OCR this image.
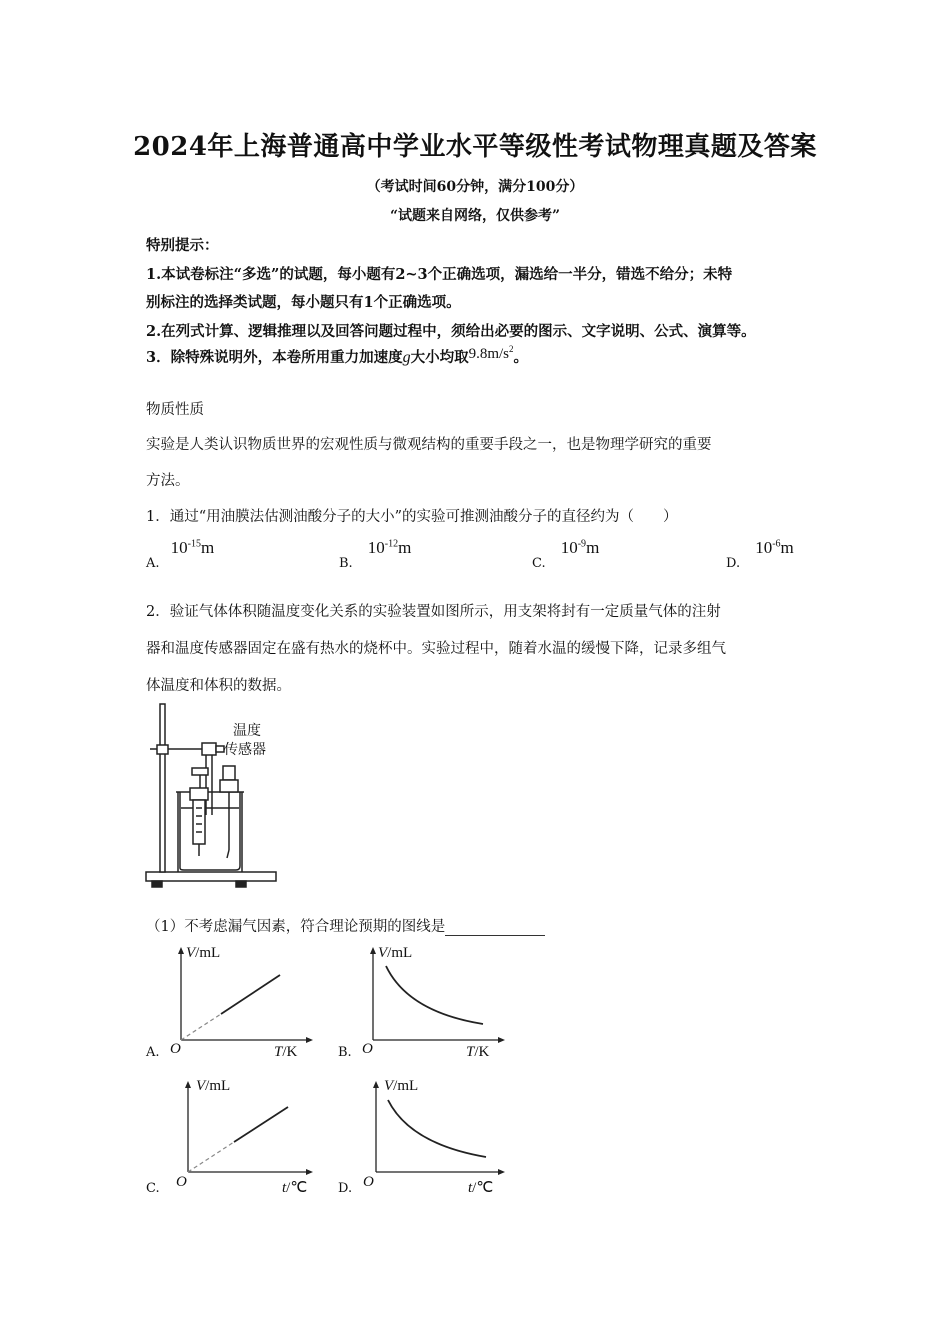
2024年上海普通高中学业水平等级性考试物理真题及答案
（考试时间60分钟，满分100分）
“试题来自网络，仅供参考”
特别提示：
1.本试卷标注“多选”的试题，每小题有2~3个正确选项，漏选给一半分，错选不给分；未特
别标注的选择类试题，每小题只有1个正确选项。
2.在列式计算、逻辑推理以及回答问题过程中，须给出必要的图示、文字说明、公式、演算等。
3．除特殊说明外，本卷所用重力加速度g大小均取$9.8m/s^2$。
物质性质
实验是人类认识物质世界的宏观性质与微观结构的重要手段之一，也是物理学研究的重要
方法。
1．通过“用油膜法估测油酸分子的大小”的实验可推测油酸分子的直径约为（　　）
$_{A.}$ $10^{-15}m$
$_{B.}$ $10^{-12}m$
$_{C.}$ $10^{-9}m$
$_{D.}$ $10^{-6}m$
2．验证气体体积随温度变化关系的实验装置如图所示，用支架将封有一定质量气体的注射
器和温度传感器固定在盛有热水的烧杯中。实验过程中，随着水温的缓慢下降，记录多组气
体温度和体积的数据。
温度
传感器
（1）不考虑漏气因素，符合理论预期的图线是
A. O
V/mL
T/K	B. O
V/mL
T/K
C. O
V/mL
t/℃ D. O
V/mL
t/℃
